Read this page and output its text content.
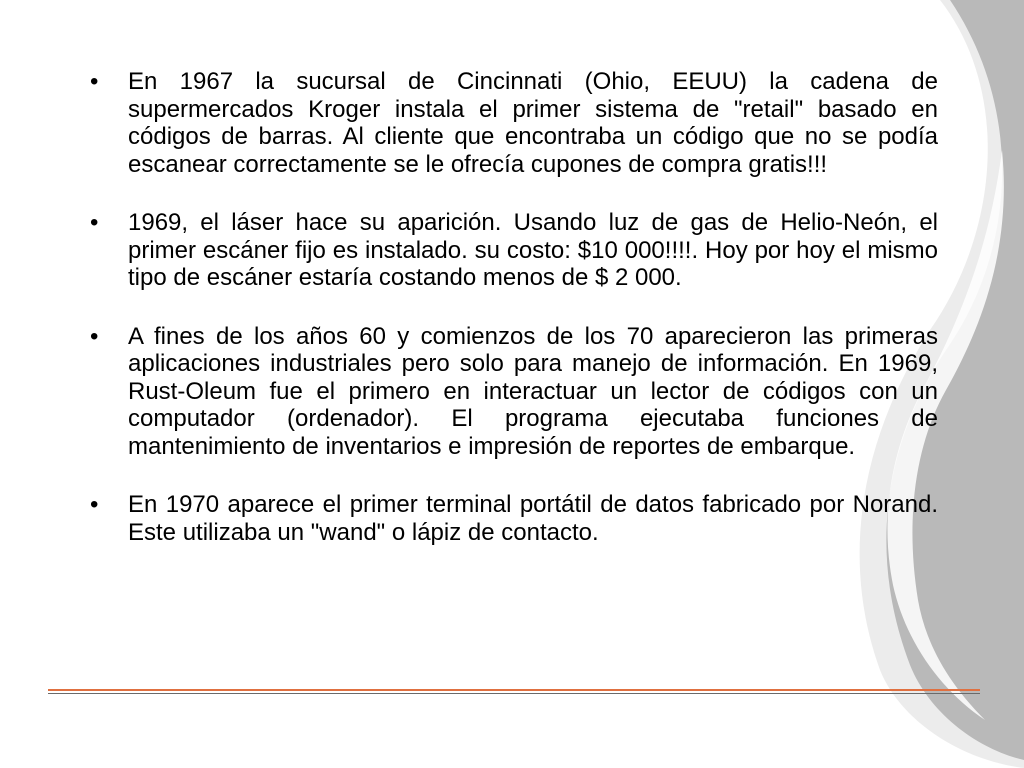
• En 1967 la sucursal de Cincinnati (Ohio, EEUU) la cadena de supermercados Kroger instala el primer sistema de "retail" basado en códigos de barras. Al cliente que encontraba un código que no se podía escanear correctamente se le ofrecía cupones de compra gratis!!!
• 1969, el láser hace su aparición. Usando luz de gas de Helio-Neón, el primer escáner fijo es instalado. su costo: $10 000!!!!. Hoy por hoy el mismo tipo de escáner estaría costando menos de $ 2 000.
• A fines de los años 60 y comienzos de los 70 aparecieron las primeras aplicaciones industriales pero solo para manejo de información. En 1969, Rust-Oleum fue el primero en interactuar un lector de códigos con un computador (ordenador). El programa ejecutaba funciones de mantenimiento de inventarios e impresión de reportes de embarque.
• En 1970 aparece el primer terminal portátil de datos fabricado por Norand. Este utilizaba un "wand" o lápiz de contacto.
